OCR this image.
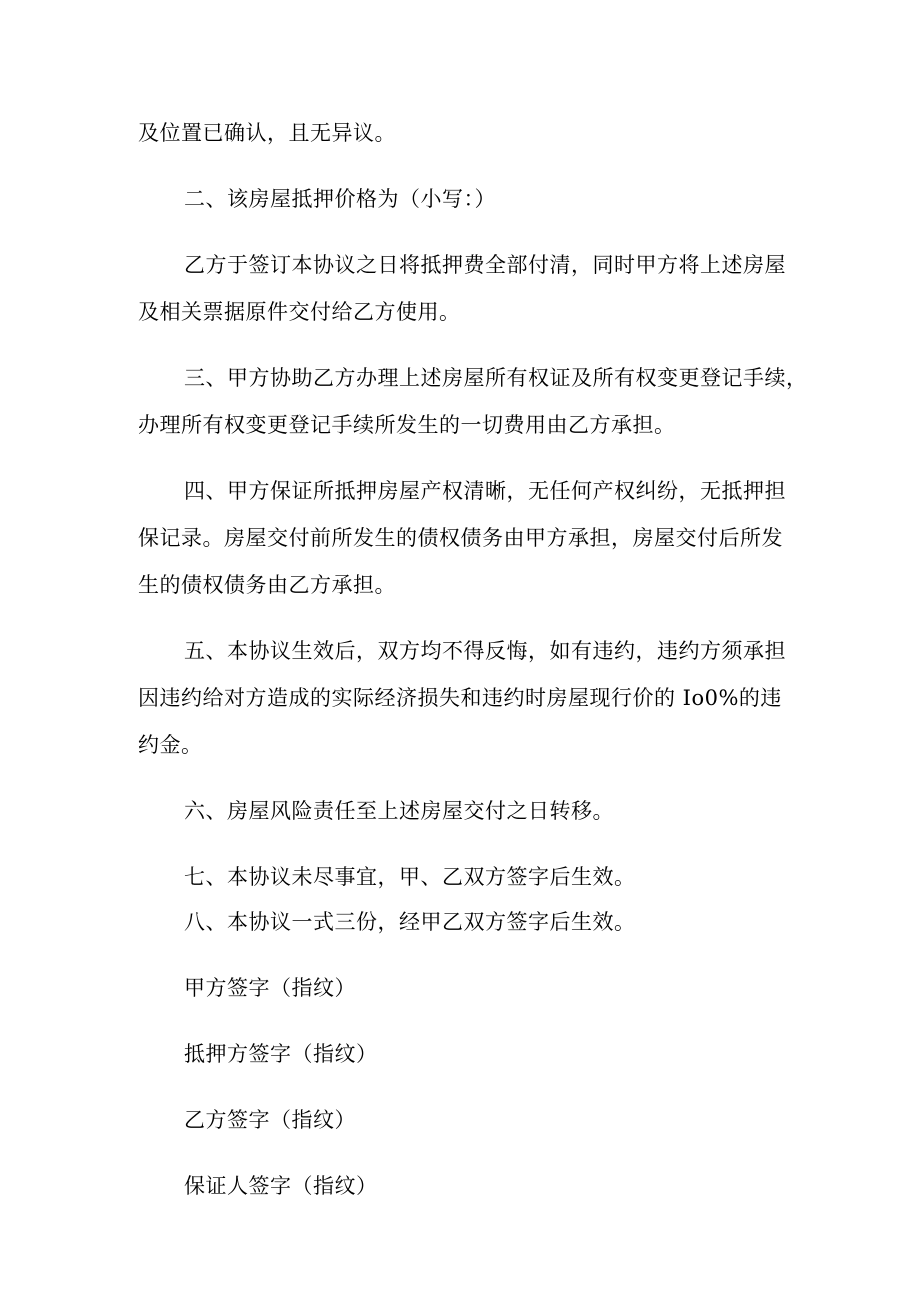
及位置已确认，且无异议。
二、该房屋抵押价格为（小写：）
乙方于签订本协议之日将抵押费全部付清，同时甲方将上述房屋
及相关票据原件交付给乙方使用。
三、甲方协助乙方办理上述房屋所有权证及所有权变更登记手续，
办理所有权变更登记手续所发生的一切费用由乙方承担。
四、甲方保证所抵押房屋产权清晰，无任何产权纠纷，无抵押担
保记录。房屋交付前所发生的债权债务由甲方承担，房屋交付后所发
生的债权债务由乙方承担。
五、本协议生效后，双方均不得反悔，如有违约，违约方须承担
因违约给对方造成的实际经济损失和违约时房屋现行价的 Io0%的违
约金。
六、房屋风险责任至上述房屋交付之日转移。
七、本协议未尽事宜，甲、乙双方签字后生效。
八、本协议一式三份，经甲乙双方签字后生效。
甲方签字（指纹）
抵押方签字（指纹）
乙方签字（指纹）
保证人签字（指纹）
